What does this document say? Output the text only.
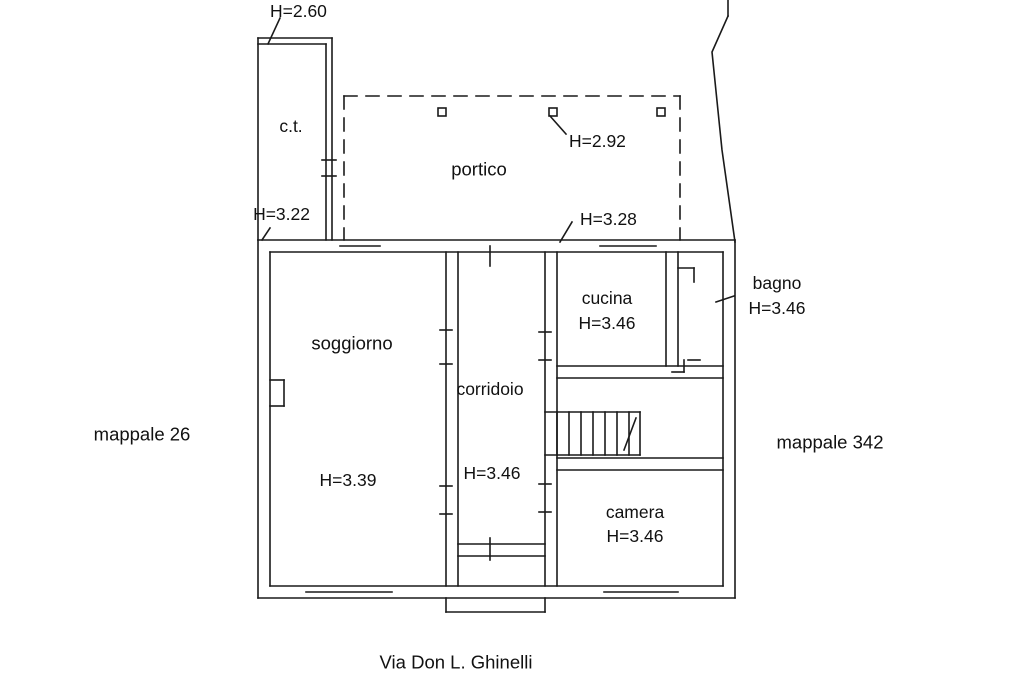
H=2.60
H=3.22	H=3.28
H=2.92
c.t.
portico
soggiorno
H=3.39
corridoio
H=3.46
cucina
H=3.46
bagno
H=3.46
camera
H=3.46
mappale 26	mappale 342
Via Don L. Ghinelli
